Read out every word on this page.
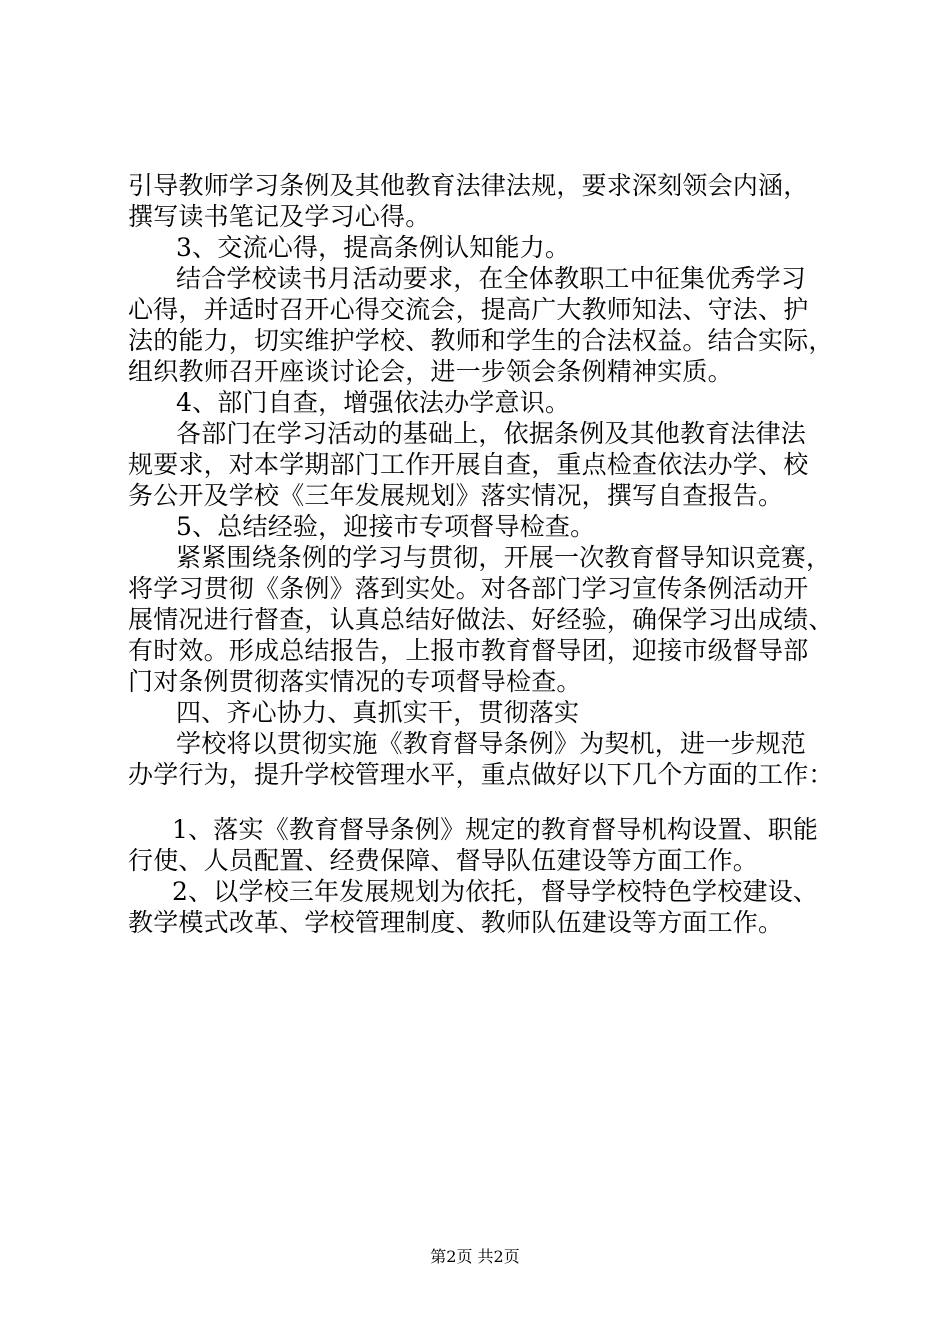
引导教师学习条例及其他教育法律法规，要求深刻领会内涵，
撰写读书笔记及学习心得。
3、交流心得，提高条例认知能力。
结合学校读书月活动要求，在全体教职工中征集优秀学习
心得，并适时召开心得交流会，提高广大教师知法、守法、护
法的能力，切实维护学校、教师和学生的合法权益。结合实际，
组织教师召开座谈讨论会，进一步领会条例精神实质。
4、部门自查，增强依法办学意识。
各部门在学习活动的基础上，依据条例及其他教育法律法
规要求，对本学期部门工作开展自查，重点检查依法办学、校
务公开及学校《三年发展规划》落实情况，撰写自查报告。
5、总结经验，迎接市专项督导检查。
紧紧围绕条例的学习与贯彻，开展一次教育督导知识竞赛，
将学习贯彻《条例》落到实处。对各部门学习宣传条例活动开
展情况进行督查，认真总结好做法、好经验，确保学习出成绩、
有时效。形成总结报告，上报市教育督导团，迎接市级督导部
门对条例贯彻落实情况的专项督导检查。
四、齐心协力、真抓实干，贯彻落实
学校将以贯彻实施《教育督导条例》为契机，进一步规范
办学行为，提升学校管理水平，重点做好以下几个方面的工作：
1、落实《教育督导条例》规定的教育督导机构设置、职能
行使、人员配置、经费保障、督导队伍建设等方面工作。
2、以学校三年发展规划为依托，督导学校特色学校建设、
教学模式改革、学校管理制度、教师队伍建设等方面工作。
第2页 共2页
